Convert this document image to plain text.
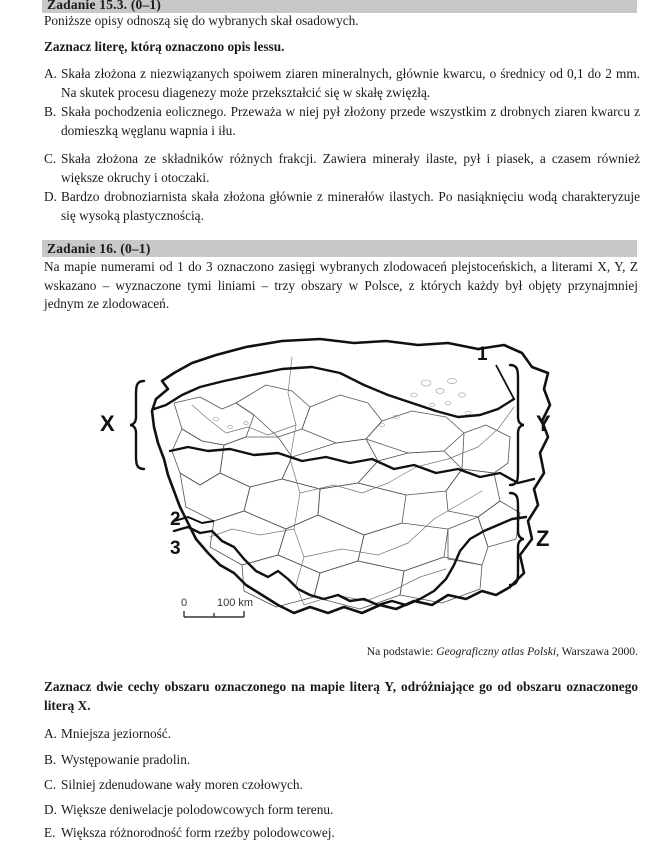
Zadanie 15.3. (0–1)
Poniższe opisy odnoszą się do wybranych skał osadowych.
Zaznacz literę, którą oznaczono opis lessu.
A. Skała złożona z niezwiązanych spoiwem ziaren mineralnych, głównie kwarcu, o średnicy od 0,1 do 2 mm. Na skutek procesu diagenezy może przekształcić się w skałę zwięzłą.
B. Skała pochodzenia eolicznego. Przeważa w niej pył złożony przede wszystkim z drobnych ziaren kwarcu z domieszką węglanu wapnia i iłu.
C. Skała złożona ze składników różnych frakcji. Zawiera minerały ilaste, pył i piasek, a czasem również większe okruchy i otoczaki.
D. Bardzo drobnoziarnista skała złożona głównie z minerałów ilastych. Po nasiąknięciu wodą charakteryzuje się wysoką plastycznością.
Zadanie 16. (0–1)
Na mapie numerami od 1 do 3 oznaczono zasięgi wybranych zlodowaceń plejstoceńskich, a literami X, Y, Z wskazano – wyznaczone tymi liniami – trzy obszary w Polsce, z których każdy był objęty przynajmniej jednym ze zlodowaceń.
X	Y
Z
1
2
3
0	100 km
Na podstawie: Geograficzny atlas Polski, Warszawa 2000.
Zaznacz dwie cechy obszaru oznaczonego na mapie literą Y, odróżniające go od obszaru oznaczonego literą X.
A. Mniejsza jeziorność.
B. Występowanie pradolin.
C. Silniej zdenudowane wały moren czołowych.
D. Większe deniwelacje polodowcowych form terenu.
E. Większa różnorodność form rzeźby polodowcowej.
